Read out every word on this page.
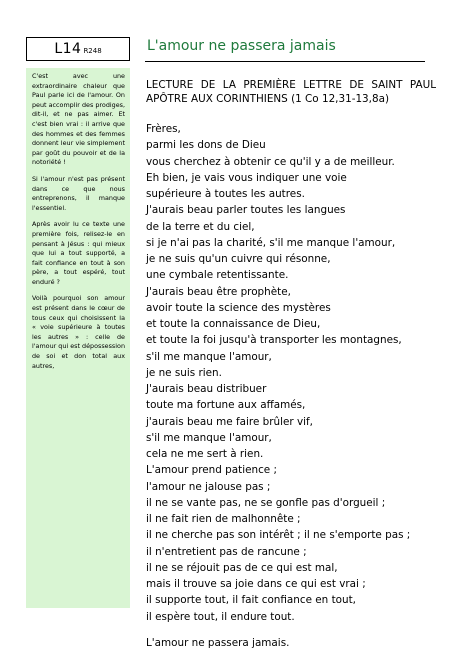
L14 R248	L'amour ne passera jamais

C'est avec une extraordinaire chaleur que Paul parle ici de l'amour. On peut accomplir des prodiges, dit-il, et ne pas aimer. Et c'est bien vrai : il arrive que des hommes et des femmes donnent leur vie simplement par goût du pouvoir et de la notoriété !

Si l'amour n'est pas présent dans ce que nous entreprenons, il manque l'essentiel.

Après avoir lu ce texte une première fois, relisez-le en pensant à Jésus : qui mieux que lui a tout supporté, a fait confiance en tout à son père, a tout espéré, tout enduré ?

Voilà pourquoi son amour est présent dans le cœur de tous ceux qui choisissent la « voie supérieure à toutes les autres » : celle de l'amour qui est dépossession de soi et don total aux autres,

LECTURE DE LA PREMIÈRE LETTRE DE SAINT PAUL APÔTRE AUX CORINTHIENS (1 Co 12,31-13,8a)

Frères,

parmi les dons de Dieu

vous cherchez à obtenir ce qu'il y a de meilleur.

Eh bien, je vais vous indiquer une voie

supérieure à toutes les autres.

J'aurais beau parler toutes les langues

de la terre et du ciel,

si je n'ai pas la charité, s'il me manque l'amour,

je ne suis qu'un cuivre qui résonne,

une cymbale retentissante.

J'aurais beau être prophète,

avoir toute la science des mystères

et toute la connaissance de Dieu,

et toute la foi jusqu'à transporter les montagnes,

s'il me manque l'amour,

je ne suis rien.

J'aurais beau distribuer

toute ma fortune aux affamés,

j'aurais beau me faire brûler vif,

s'il me manque l'amour,

cela ne me sert à rien.

L'amour prend patience ;

l'amour ne jalouse pas ;

il ne se vante pas, ne se gonfle pas d'orgueil ;

il ne fait rien de malhonnête ;

il ne cherche pas son intérêt ; il ne s'emporte pas ;

il n'entretient pas de rancune ;

il ne se réjouit pas de ce qui est mal,

mais il trouve sa joie dans ce qui est vrai ;

il supporte tout, il fait confiance en tout,

il espère tout, il endure tout.

L'amour ne passera jamais.
